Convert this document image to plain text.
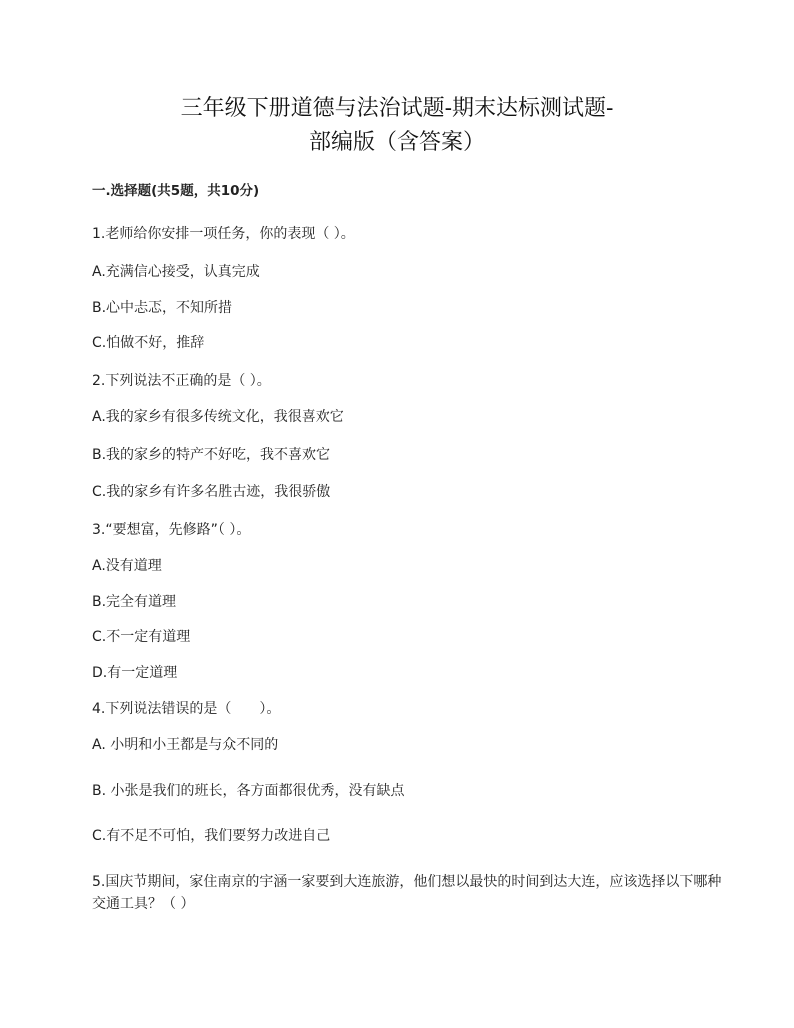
三年级下册道德与法治试题-期末达标测试题-
部编版（含答案）
一.选择题(共5题，共10分)
1.老师给你安排一项任务，你的表现（ ）。
A.充满信心接受，认真完成
B.心中忐忑，不知所措
C.怕做不好，推辞
2.下列说法不正确的是（ ）。
A.我的家乡有很多传统文化，我很喜欢它
B.我的家乡的特产不好吃，我不喜欢它
C.我的家乡有许多名胜古迹，我很骄傲
3.“要想富，先修路”（ ）。
A.没有道理
B.完全有道理
C.不一定有道理
D.有一定道理
4.下列说法错误的是（　　）。
A. 小明和小王都是与众不同的
B. 小张是我们的班长，各方面都很优秀，没有缺点
C.有不足不可怕，我们要努力改进自己
5.国庆节期间，家住南京的宇涵一家要到大连旅游，他们想以最快的时间到达大连，应该选择以下哪种交通工具？（ ）
